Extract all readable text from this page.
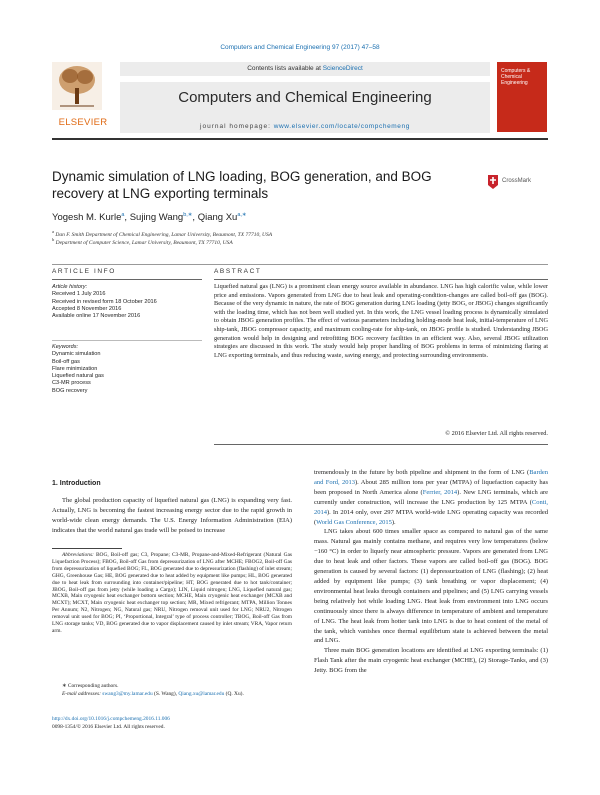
Computers and Chemical Engineering 97 (2017) 47–58
ELSEVIER
Contents lists available at ScienceDirect
Computers and Chemical Engineering
journal homepage: www.elsevier.com/locate/compchemeng
Computers & Chemical Engineering
Dynamic simulation of LNG loading, BOG generation, and BOG recovery at LNG exporting terminals
CrossMark
Yogesh M. Kurle$^a$, Sujing Wang$^{b,∗}$, Qiang $Xu^{a,∗}$
$^a$ Dan F. Smith Department of Chemical Engineering, Lamar University, Beaumont, TX 77710, USA
$^b$ Department of Computer Science, Lamar University, Beaumont, TX 77710, USA
ARTICLE INFO	ABSTRACT
Article history:
Received 1 July 2016
Received in revised form 18 October 2016
Accepted 8 November 2016
Available online 17 November 2016
Keywords:
Dynamic simulation
Boil-off gas
Flare minimization
Liquefied natural gas
C3-MR process
BOG recovery
Liquefied natural gas (LNG) is a prominent clean energy source available in abundance. LNG has high calorific value, while lower price and emissions. Vapors generated from LNG due to heat leak and operating-condition-changes are called boil-off gas (BOG). Because of the very dynamic in nature, the rate of BOG generation during LNG loading (jetty BOG, or JBOG) changes significantly with the loading time, which has not been well studied yet. In this work, the LNG vessel loading process is dynamically simulated to obtain JBOG generation profiles. The effect of various parameters including holding-mode heat leak, initial-temperature of LNG ship-tank, JBOG compressor capacity, and maximum cooling-rate for ship-tank, on JBOG profile is studied. Understanding JBOG generation would help in designing and retrofitting BOG recovery facilities in an efficient way. Also, several JBOG utilization strategies are discussed in this work. The study would help proper handling of BOG problems in terms of minimizing flaring at LNG exporting terminals, and thus reducing waste, saving energy, and protecting surrounding environments.
© 2016 Elsevier Ltd. All rights reserved.
1. Introduction

The global production capacity of liquefied natural gas (LNG) is expanding very fast. Actually, LNG is becoming the fastest increasing energy sector due to the rapid growth in world-wide clean energy demands. The U.S. Energy Information Administration (EIA) indicates that the world natural gas trade will be poised to increase

Abbreviations: BOG, Boil-off gas; C3, Propane; C3-MR, Propane-and-Mixed-Refrigerant (Natural Gas Liquefaction Process); FBOG, Boil-off Gas from depressurization of LNG after MCHE; FBOG2, Boil-off Gas from depressurization of liquefied BOG; FL, BOG generated due to depressurization (flashing) of inlet stream; GHG, Greenhouse Gas; HE, BOG generated due to heat added by equipment like pumps; HL, BOG generated due to heat leak from surrounding into container/pipeline; HT, BOG generated due to hot tank/container; JBOG, Boil-off gas from jetty (while loading a Cargo); LIN, Liquid nitrogen; LNG, Liquefied natural gas; MCXB, Main cryogenic heat exchanger bottom section; MCHE, Main cryogenic heat exchanger (MCXB and MCXT); MCXT, Main cryogenic heat exchanger top section; MR, Mixed refrigerant; MTPA, Million Tonnes Per Annum; N2, Nitrogen; NG, Natural gas; NRU, Nitrogen removal unit used for LNG; NRU2, Nitrogen removal unit used for BOG; PI, ‘Proportional, Integral’ type of process controller; TBOG, Boil-off Gas from LNG storage tanks; VD, BOG generated due to vapor displacement caused by inlet stream; VRA, Vapor return arm.
∗ Corresponding authors.
E-mail addresses: swang3@my.lamar.edu (S. Wang), Qiang.xu@lamar.edu (Q. Xu).
http://dx.doi.org/10.1016/j.compchemeng.2016.11.006
0098-1354/© 2016 Elsevier Ltd. All rights reserved.

tremendously in the future by both pipeline and shipment in the form of LNG (Barden and Ford, 2013). About 285 million tons per year (MTPA) of liquefaction capacity has been proposed in North America alone (Ferrier, 2014). New LNG terminals, which are currently under construction, will increase the LNG production by 125 MTPA (Conti, 2014). In 2014 only, over 297 MTPA world-wide LNG operating capacity was recorded (World Gas Conference, 2015).

LNG takes about 600 times smaller space as compared to natural gas of the same mass. Natural gas mainly contains methane, and requires very low temperatures (below −160 °C) in order to liquefy near atmospheric pressure. Vapors are generated from LNG due to heat leak and other factors. These vapors are called boil-off gas (BOG). BOG generation is caused by several factors: (1) depressurization of LNG (flashing); (2) heat added by equipment like pumps; (3) tank breathing or vapor displacement; (4) environmental heat leaks through containers and pipelines; and (5) LNG carrying vessels being relatively hot while loading LNG. Heat leak from environment into LNG occurs continuously since there is always difference in temperature of ambient and temperature of LNG. The heat leak from hotter tank into LNG is due to heat content of the metal of the tank, which vanishes once thermal equilibrium state is achieved between the metal and LNG.

Three main BOG generation locations are identified at LNG exporting terminals: (1) Flash Tank after the main cryogenic heat exchanger (MCHE), (2) Storage-Tanks, and (3) Jetty. BOG from the
